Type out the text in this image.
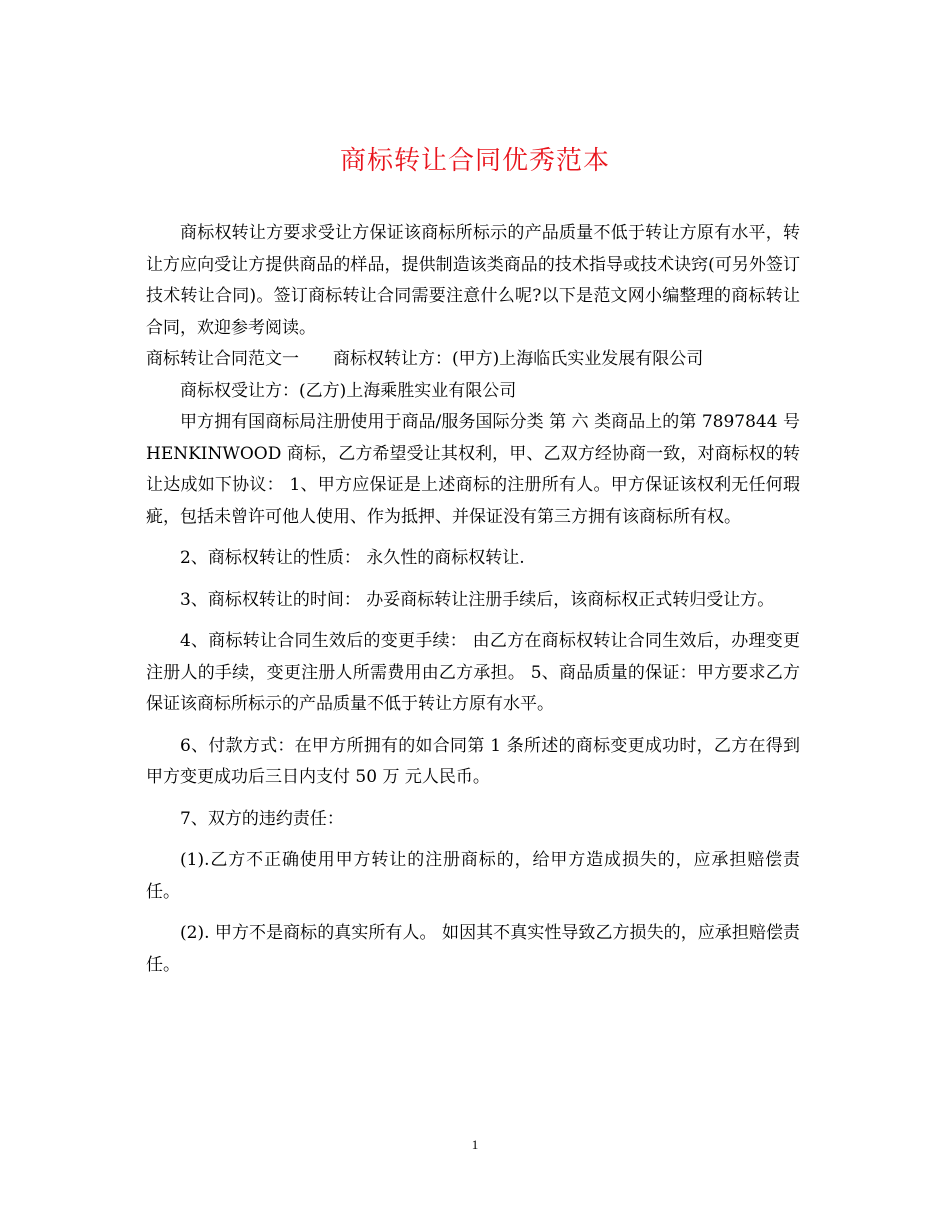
商标转让合同优秀范本

商标权转让方要求受让方保证该商标所标示的产品质量不低于转让方原有水平，转让方应向受让方提供商品的样品，提供制造该类商品的技术指导或技术诀窍(可另外签订技术转让合同)。签订商标转让合同需要注意什么呢?以下是范文网小编整理的商标转让合同，欢迎参考阅读。

商标转让合同范文一　　商标权转让方：(甲方)上海临氏实业发展有限公司

商标权受让方：(乙方)上海乘胜实业有限公司

甲方拥有国商标局注册使用于商品/服务国际分类 第 六 类商品上的第 7897844 号 HENKINWOOD 商标，乙方希望受让其权利，甲、乙双方经协商一致，对商标权的转让达成如下协议： 1、甲方应保证是上述商标的注册所有人。甲方保证该权利无任何瑕疵，包括未曾许可他人使用、作为抵押、并保证没有第三方拥有该商标所有权。

2、商标权转让的性质： 永久性的商标权转让.

3、商标权转让的时间： 办妥商标转让注册手续后，该商标权正式转归受让方。

4、商标转让合同生效后的变更手续： 由乙方在商标权转让合同生效后，办理变更注册人的手续，变更注册人所需费用由乙方承担。 5、商品质量的保证：甲方要求乙方保证该商标所标示的产品质量不低于转让方原有水平。

6、付款方式：在甲方所拥有的如合同第 1 条所述的商标变更成功时，乙方在得到甲方变更成功后三日内支付 50 万 元人民币。

7、双方的违约责任：

(1).乙方不正确使用甲方转让的注册商标的，给甲方造成损失的，应承担赔偿责任。

(2). 甲方不是商标的真实所有人。 如因其不真实性导致乙方损失的，应承担赔偿责任。

1
